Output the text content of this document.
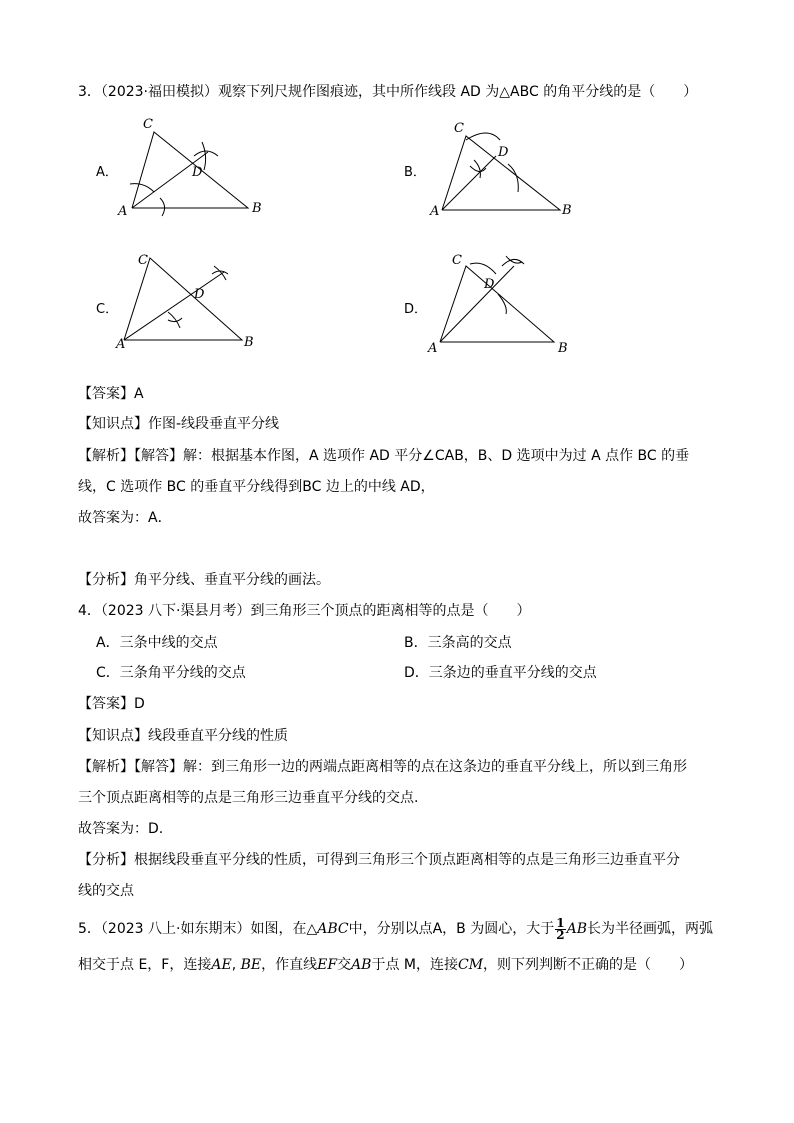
3．（2023·福田模拟）观察下列尺规作图痕迹，其中所作线段 AD 为△ABC 的角平分线的是（　　）
A．
C
D
A	B
B．
C
D
A	B
C．
C
D
A	B
D．
C
D
A	B
【答案】A
【知识点】作图-线段垂直平分线
【解析】【解答】解：根据基本作图，A 选项作 AD 平分∠CAB，B、D 选项中为过 A 点作 BC 的垂
线，C 选项作 BC 的垂直平分线得到BC 边上的中线 AD，
故答案为：A．
【分析】角平分线、垂直平分线的画法。
4．（2023 八下·渠县月考）到三角形三个顶点的距离相等的点是（　　）
A．三条中线的交点	B．三条高的交点
C．三条角平分线的交点	D．三条边的垂直平分线的交点
【答案】D
【知识点】线段垂直平分线的性质
【解析】【解答】解：到三角形一边的两端点距离相等的点在这条边的垂直平分线上，所以到三角形
三个顶点距离相等的点是三角形三边垂直平分线的交点.
故答案为：D.
【分析】根据线段垂直平分线的性质，可得到三角形三个顶点距离相等的点是三角形三边垂直平分
线的交点
5．（2023 八上·如东期末）如图，在△ABC中，分别以点A，B 为圆心，大于 $\frac{1}{2}$ AB长为半径画弧，两弧
相交于点 E，F，连接AE, BE，作直线EF交AB于点 M，连接CM，则下列判断不正确的是（　　）
